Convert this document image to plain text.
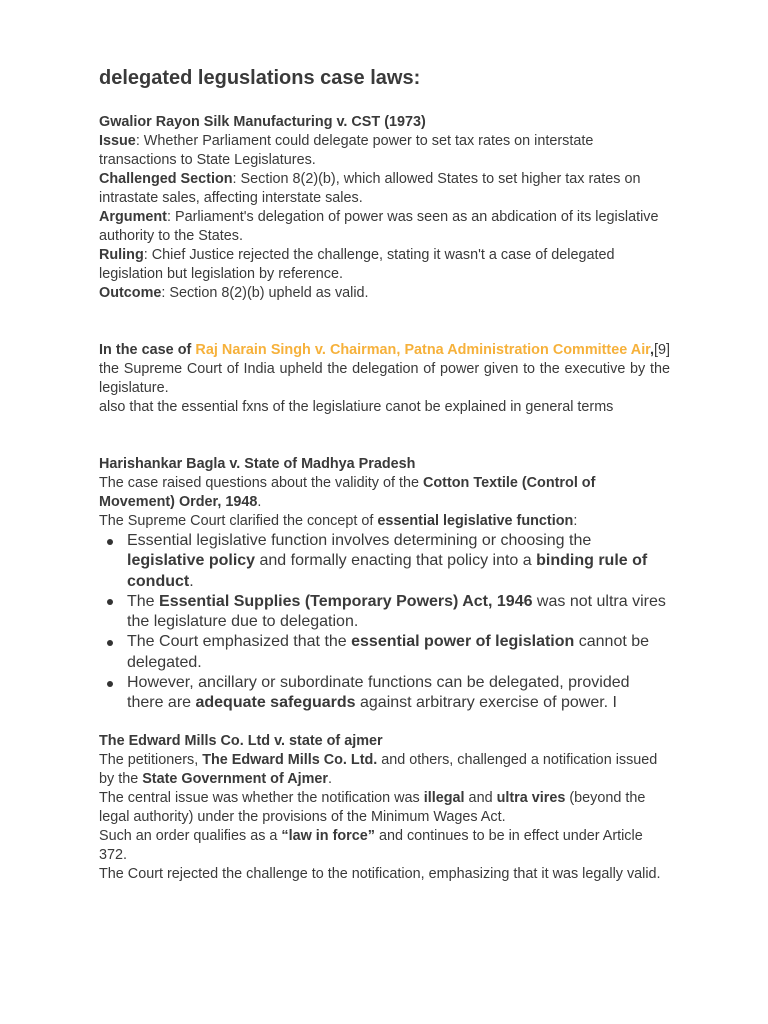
delegated leguslations case laws:

Gwalior Rayon Silk Manufacturing v. CST (1973)

Issue: Whether Parliament could delegate power to set tax rates on interstate transactions to State Legislatures.

Challenged Section: Section 8(2)(b), which allowed States to set higher tax rates on intrastate sales, affecting interstate sales.

Argument: Parliament's delegation of power was seen as an abdication of its legislative authority to the States.

Ruling: Chief Justice rejected the challenge, stating it wasn't a case of delegated legislation but legislation by reference.

Outcome: Section 8(2)(b) upheld as valid.

In the case of Raj Narain Singh v. Chairman, Patna Administration Committee Air,[9] the Supreme Court of India upheld the delegation of power given to the executive by the legislature.

also that the essential fxns of the legislatiure canot be explained in general terms

Harishankar Bagla v. State of Madhya Pradesh

The case raised questions about the validity of the Cotton Textile (Control of Movement) Order, 1948.

The Supreme Court clarified the concept of essential legislative function:

Essential legislative function involves determining or choosing the legislative policy and formally enacting that policy into a binding rule of conduct.
The Essential Supplies (Temporary Powers) Act, 1946 was not ultra vires the legislature due to delegation.
The Court emphasized that the essential power of legislation cannot be delegated.
However, ancillary or subordinate functions can be delegated, provided there are adequate safeguards against arbitrary exercise of power. I

The Edward Mills Co. Ltd v. state of ajmer

The petitioners, The Edward Mills Co. Ltd. and others, challenged a notification issued by the State Government of Ajmer.

The central issue was whether the notification was illegal and ultra vires (beyond the legal authority) under the provisions of the Minimum Wages Act.

Such an order qualifies as a “law in force” and continues to be in effect under Article 372.

The Court rejected the challenge to the notification, emphasizing that it was legally valid.
